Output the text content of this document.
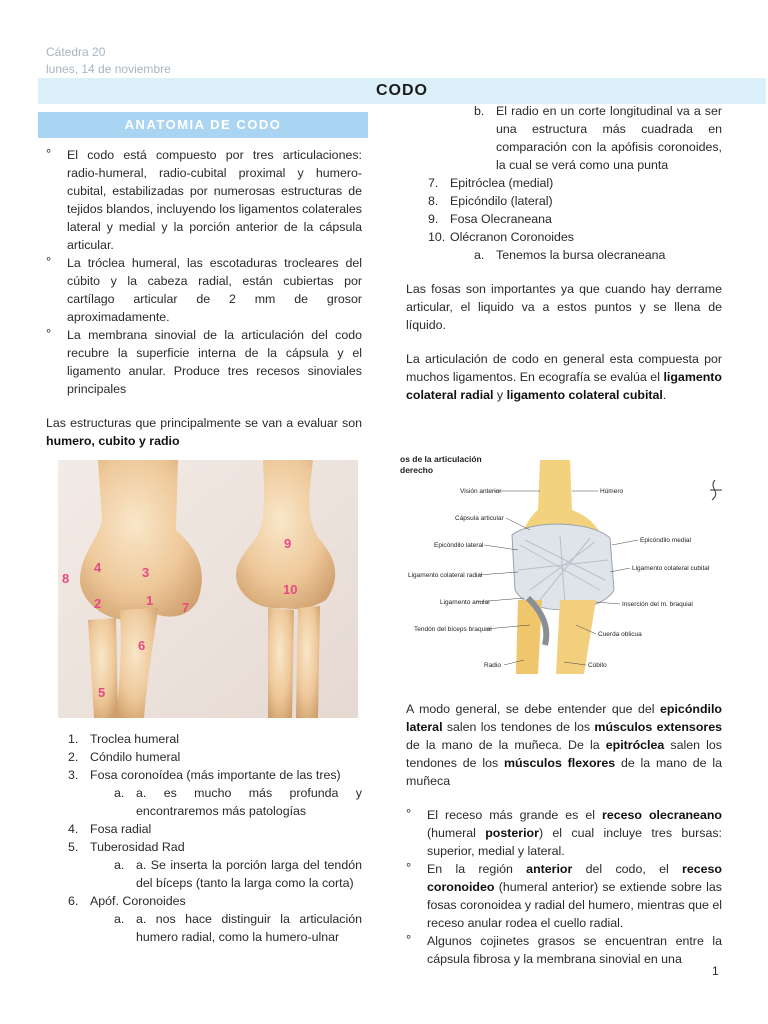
Cátedra 20
lunes, 14 de noviembre
CODO
ANATOMIA DE CODO
° El codo está compuesto por tres articulaciones: radio-humeral, radio-cubital proximal y humero-cubital, estabilizadas por numerosas estructuras de tejidos blandos, incluyendo los ligamentos colaterales lateral y medial y la porción anterior de la cápsula articular.
° La tróclea humeral, las escotaduras trocleares del cúbito y la cabeza radial, están cubiertas por cartílago articular de 2 mm de grosor aproximadamente.
° La membrana sinovial de la articulación del codo recubre la superficie interna de la cápsula y el ligamento anular. Produce tres recesos sinoviales principales

Las estructuras que principalmente se van a evaluar son humero, cubito y radio

8
4	3
2	1
6
7
5
9
10
1. Troclea humeral
2. Cóndilo humeral
3. Fosa coronoídea (más importante de las tres)
a. a. es mucho más profunda y encontraremos más patologías
4. Fosa radial
5. Tuberosidad Rad
a. a. Se inserta la porción larga del tendón del bíceps (tanto la larga como la corta)
6. Apóf. Coronoides
a. a. nos hace distinguir la articulación humero radial, como la humero-ulnar
b. El radio en un corte longitudinal va a ser una estructura más cuadrada en comparación con la apófisis coronoides, la cual se verá como una punta
7. Epitróclea (medial)
8. Epicóndilo (lateral)
9. Fosa Olecraneana
10. Olécranon Coronoides
a. Tenemos la bursa olecraneana

Las fosas son importantes ya que cuando hay derrame articular, el liquido va a estos puntos y se llena de líquido.

La articulación de codo en general esta compuesta por muchos ligamentos. En ecografía se evalúa el ligamento colateral radial y ligamento colateral cubital.

os de la articulación
derecho
Visión anterior	Húmero
Cápsula articular
Epicóndilo lateral
Epicóndilo medial
Ligamento colateral radial
Ligamento colateral cubital
Ligamento anular	Inserción del m. braquial
Tendón del bíceps braquial
Cuerda oblicua
Radio	Cúbito

A modo general, se debe entender que del epicóndilo lateral salen los tendones de los músculos extensores de la mano de la muñeca. De la epitróclea salen los tendones de los músculos flexores de la mano de la muñeca

° El receso más grande es el receso olecraneano (humeral posterior) el cual incluye tres bursas: superior, medial y lateral.
° En la región anterior del codo, el receso coronoideo (humeral anterior) se extiende sobre las fosas coronoidea y radial del humero, mientras que el receso anular rodea el cuello radial.
° Algunos cojinetes grasos se encuentran entre la cápsula fibrosa y la membrana sinovial en una
1
